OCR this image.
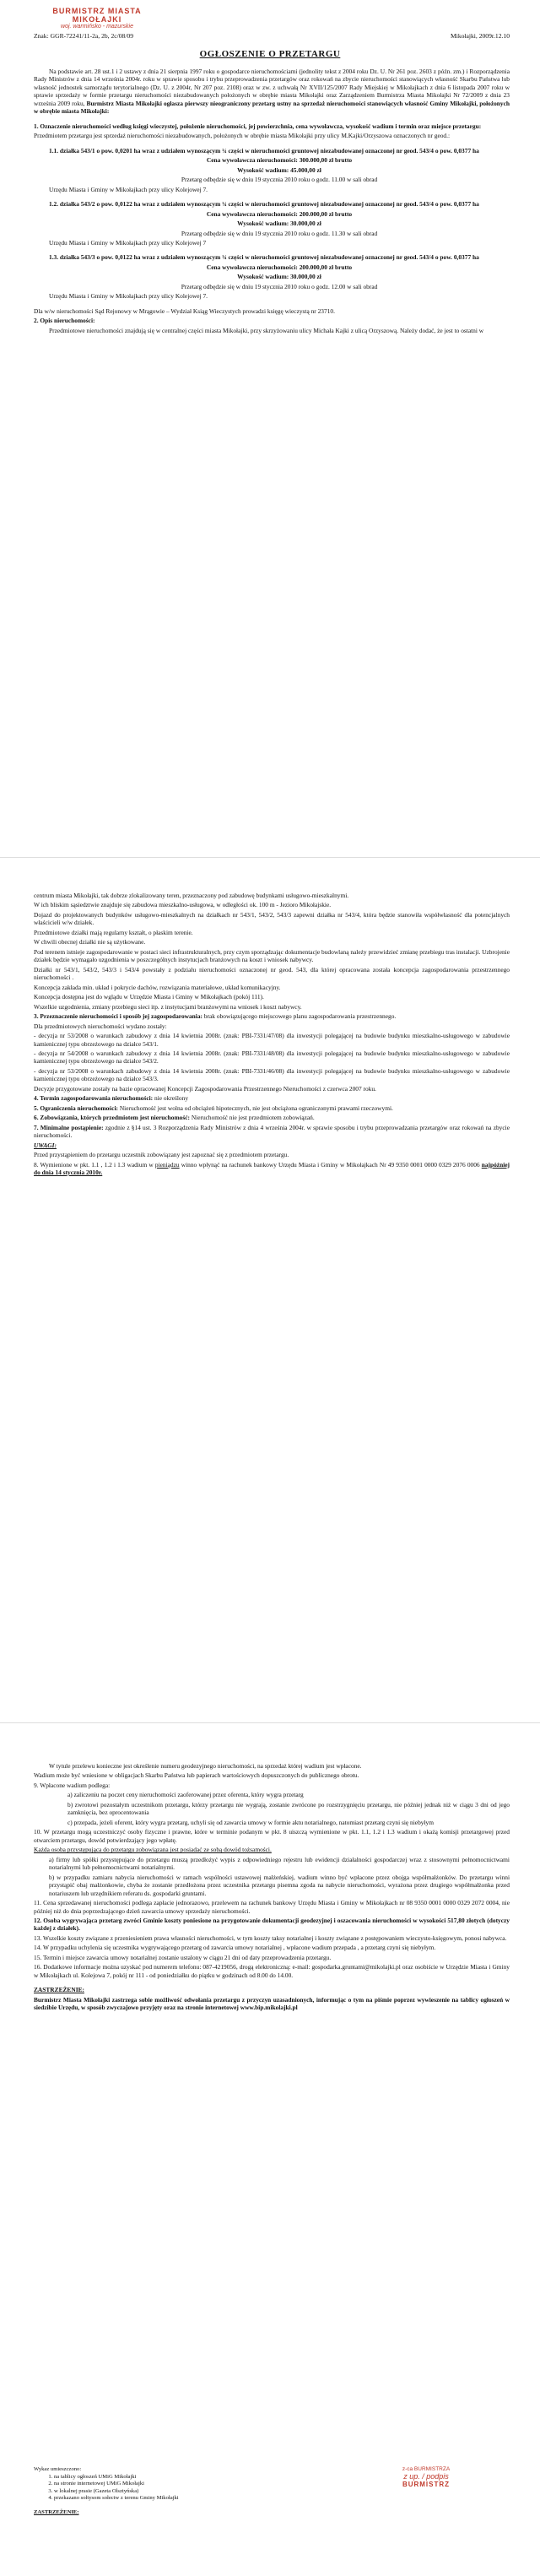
BURMISTRZ MIASTA MIKOŁAJKI
woj. warmińsko - mazurskie
Znak: GGR-72241/11-2a, 2b, 2c/08/09	Mikołajki, 2009r.12.10
OGŁOSZENIE O PRZETARGU

Na podstawie art. 28 ust.1 i 2 ustawy z dnia 21 sierpnia 1997 roku o gospodarce nieruchomościami (jednolity tekst z 2004 roku Dz. U. Nr 261 poz. 2603 z późn. zm.) i Rozporządzenia Rady Ministrów z dnia 14 września 2004r. roku w sprawie sposobu i trybu przeprowadzenia przetargów oraz rokowań na zbycie nieruchomości stanowiących własność Skarbu Państwa lub własność jednostek samorządu terytorialnego (Dz. U. z 2004r, Nr 207 poz. 2108) oraz w zw. z uchwałą Nr XVII/125/2007 Rady Miejskiej w Mikołajkach z dnia 6 listopada 2007 roku w sprawie sprzedaży w formie przetargu nieruchomości niezabudowanych położonych w obrębie miasta Mikołajki oraz Zarządzeniem Burmistrza Miasta Mikołajki Nr 72/2009 z dnia 23 września 2009 roku, Burmistrz Miasta Mikołajki ogłasza pierwszy nieograniczony przetarg ustny na sprzedaż nieruchomości stanowiących własność Gminy Mikołajki, położonych w obrębie miasta Mikołajki:

1. Oznaczenie nieruchomości według księgi wieczystej, położenie nieruchomości, jej powierzchnia, cena wywoławcza, wysokość wadium i termin oraz miejsce przetargu:

Przedmiotem przetargu jest sprzedaż nieruchomości niezabudowanych, położonych w obrębie miasta Mikołajki przy ulicy M.Kajki/Orzyszowa oznaczonych nr geod.:

1.1. działka 543/1 o pow. 0,0201 ha wraz z udziałem wynoszącym ¼ części w nieruchomości gruntowej niezabudowanej oznaczonej nr geod. 543/4 o pow. 0,0377 ha

Cena wywoławcza nieruchomości: 300.000,00 zł brutto

Wysokość wadium: 45.000,00 zł

Przetarg odbędzie się w dniu 19 stycznia 2010 roku o godz. 11.00 w sali obrad

Urzędu Miasta i Gminy w Mikołajkach przy ulicy Kolejowej 7.

1.2. działka 543/2 o pow. 0,0122 ha wraz z udziałem wynoszącym ¼ części w nieruchomości gruntowej niezabudowanej oznaczonej nr geod. 543/4 o pow. 0,0377 ha

Cena wywoławcza nieruchomości: 200.000,00 zł brutto

Wysokość wadium: 30.000,00 zł

Przetarg odbędzie się w dniu 19 stycznia 2010 roku o godz. 11.30 w sali obrad

Urzędu Miasta i Gminy w Mikołajkach przy ulicy Kolejowej 7

1.3. działka 543/3 o pow. 0,0122 ha wraz z udziałem wynoszącym ¼ części w nieruchomości gruntowej niezabudowanej oznaczonej nr geod. 543/4 o pow. 0,0377 ha

Cena wywoławcza nieruchomości: 200.000,00 zł brutto

Wysokość wadium: 30.000,00 zł

Przetarg odbędzie się w dniu 19 stycznia 2010 roku o godz. 12.00 w sali obrad

Urzędu Miasta i Gminy w Mikołajkach przy ulicy Kolejowej 7.

Dla w/w nieruchomości Sąd Rejonowy w Mrągowie – Wydział Ksiąg Wieczystych prowadzi księgę wieczystą nr 23710.

2. Opis nieruchomości:

Przedmiotowe nieruchomości znajdują się w centralnej części miasta Mikołajki, przy skrzyżowaniu ulicy Michała Kajki z ulicą Orzyszową. Należy dodać, że jest to ostatni w

centrum miasta Mikołajki, tak dobrze zlokalizowany teren, przeznaczony pod zabudowę budynkami usługowo-mieszkalnymi.

W ich bliskim sąsiedztwie znajduje się zabudowa mieszkalno-usługowa, w odległości ok. 100 m - Jezioro Mikołajskie.

Dojazd do projektowanych budynków usługowo-mieszkalnych na działkach nr 543/1, 543/2, 543/3 zapewni działka nr 543/4, która będzie stanowiła współwłasność dla potencjalnych właścicieli w/w działek.

Przedmiotowe działki mają regularny kształt, o płaskim terenie.

W chwili obecnej działki nie są użytkowane.

Pod terenem istnieje zagospodarowanie w postaci sieci infrastrukturalnych, przy czym sporządzając dokumentacje budowlaną należy przewidzieć zmianę przebiegu tras instalacji. Uzbrojenie działek będzie wymagało uzgodnienia w poszczególnych instytucjach branżowych na koszt i wniosek nabywcy.

Działki nr 543/1, 543/2, 543/3 i 543/4 powstały z podziału nieruchomości oznaczonej nr geod. 543, dla której opracowana została koncepcja zagospodarowania przestrzennego nieruchomości .

Koncepcja zakłada min. układ i pokrycie dachów, rozwiązania materiałowe, układ komunikacyjny.

Koncepcja dostępna jest do wglądu w Urzędzie Miasta i Gminy w Mikołajkach (pokój 111).

Wszelkie uzgodnienia, zmiany przebiegu sieci itp. z instytucjami branżowymi na wniosek i koszt nabywcy.

3. Przeznaczenie nieruchomości i sposób jej zagospodarowania: brak obowiązującego miejscowego planu zagospodarowania przestrzennego.

Dla przedmiotowych nieruchomości wydano zostały:

- decyzja nr 53/2008 o warunkach zabudowy z dnia 14 kwietnia 2008r. (znak: PBI-7331/47/08) dla inwestycji polegającej na budowie budynku mieszkalno-usługowego w zabudowie kamienicznej typu obrzeżowego na działce 543/1.

- decyzja nr 54/2008 o warunkach zabudowy z dnia 14 kwietnia 2008r. (znak: PBI-7331/48/08) dla inwestycji polegającej na budowie budynku mieszkalno-usługowego w zabudowie kamienicznej typu obrzeżowego na działce 543/2.

- decyzja nr 53/2008 o warunkach zabudowy z dnia 14 kwietnia 2008r. (znak: PBI-7331/46/08) dla inwestycji polegającej na budowie budynku mieszkalno-usługowego w zabudowie kamienicznej typu obrzeżowego na działce 543/3.

Decyzje przygotowane zostały na bazie opracowanej Koncepcji Zagospodarowania Przestrzennego Nieruchomości z czerwca 2007 roku.

4. Termin zagospodarowania nieruchomości: nie określony

5. Ograniczenia nieruchomości: Nieruchomość jest wolna od obciążeń hipotecznych, nie jest obciążona ograniczonymi prawami rzeczowymi.

6. Zobowiązania, których przedmiotem jest nieruchomość: Nieruchomość nie jest przedmiotem zobowiązań.

7. Minimalne postąpienie: zgodnie z §14 ust. 3 Rozporządzenia Rady Ministrów z dnia 4 września 2004r. w sprawie sposobu i trybu przeprowadzania przetargów oraz rokowań na zbycie nieruchomości.

UWAGI:

Przed przystąpieniem do przetargu uczestnik zobowiązany jest zapoznać się z przedmiotem przetargu.

8. Wymienione w pkt. 1.1 , 1.2 i 1.3 wadium w pieniądzu winno wpłynąć na rachunek bankowy Urzędu Miasta i Gminy w Mikołajkach Nr 49 9350 0001 0000 0329 2076 0006 najpóźniej do dnia 14 stycznia 2010r.

W tytule przelewu konieczne jest określenie numeru geodezyjnego nieruchomości, na sprzedaż której wadium jest wpłacone.

Wadium może być wniesione w obligacjach Skarbu Państwa lub papierach wartościowych dopuszczonych do publicznego obrotu.

9. Wpłacone wadium podlega:

a) zaliczeniu na poczet ceny nieruchomości zaoferowanej przez oferenta, który wygra przetarg

b) zwrotowi pozostałym uczestnikom przetargu, którzy przetargu nie wygrają, zostanie zwrócone po rozstrzygnięciu przetargu, nie później jednak niż w ciągu 3 dni od jego zamknięcia, bez oprocentowania

c) przepada, jeżeli oferent, który wygra przetarg, uchyli się od zawarcia umowy w formie aktu notarialnego, natomiast przetarg czyni się niebyłym

10. W przetargu mogą uczestniczyć osoby fizyczne i prawne, które w terminie podanym w pkt. 8 uiszczą wymienione w pkt. 1.1, 1.2 i 1.3 wadium i okażą komisji przetargowej przed otwarciem przetargu, dowód potwierdzający jego wpłatę.

Każda osoba przystępująca do przetargu zobowiązana jest posiadać ze sobą dowód tożsamości.

a) firmy lub spółki przystępujące do przetargu muszą przedłożyć wypis z odpowiedniego rejestru lub ewidencji działalności gospodarczej wraz z stosownymi pełnomocnictwami notarialnymi lub pełnomocnictwami notarialnymi.

b) w przypadku zamiaru nabycia nieruchomości w ramach wspólności ustawowej małżeńskiej, wadium winno być wpłacone przez obojga współmałżonków. Do przetargu winni przystąpić obaj małżonkowie, chyba że zostanie przedłożona przez uczestnika przetargu pisemna zgoda na nabycie nieruchomości, wyrażona przez drugiego współmałżonka przed notariuszem lub urzędnikiem referatu ds. gospodarki gruntami.

11. Cena sprzedawanej nieruchomości podlega zapłacie jednorazowo, przelewem na rachunek bankowy Urzędu Miasta i Gminy w Mikołajkach nr 08 9350 0001 0000 0329 2072 0004, nie później niż do dnia poprzedzającego dzień zawarcia umowy sprzedaży nieruchomości.

12. Osoba wygrywająca przetarg zwróci Gminie koszty poniesione na przygotowanie dokumentacji geodezyjnej i oszacowania nieruchomości w wysokości 517,80 złotych (dotyczy każdej z działek).

13. Wszelkie koszty związane z przeniesieniem prawa własności nieruchomości, w tym koszty taksy notarialnej i koszty związane z postępowaniem wieczysto-księgowym, ponosi nabywca.

14. W przypadku uchylenia się uczestnika wygrywającego przetarg od zawarcia umowy notarialnej , wpłacone wadium przepada , a przetarg czyni się niebyłym.

15. Termin i miejsce zawarcia umowy notarialnej zostanie ustalony w ciągu 21 dni od daty przeprowadzenia przetargu.

16. Dodatkowe informacje można uzyskać pod numerem telefonu: 087-4219056, drogą elektroniczną: e-mail: gospodarka.gruntami@mikolajki.pl oraz osobiście w Urzędzie Miasta i Gminy w Mikołajkach ul. Kolejowa 7, pokój nr 111 - od poniedziałku do piątku w godzinach od 8.00 do 14.00.

ZASTRZEŻENIE:

Burmistrz Miasta Mikołajki zastrzega sobie możliwość odwołania przetargu z przyczyn uzasadnionych, informując o tym na piśmie poprzez wywieszenie na tablicy ogłoszeń w siedzibie Urzędu, w sposób zwyczajowo przyjęty oraz na stronie internetowej www.bip.mikolajki.pl

Wykaz umieszczono:
1. na tablicy ogłoszeń UMiG Mikołajki
2. na stronie internetowej UMiG Mikołajki
3. w lokalnej prasie (Gazeta Olsztyńska)
4. przekazano sołtysom sołectw z terenu Gminy Mikołajki
ZASTRZEŻENIE:
z-ca BURMISTRZA
z up. / podpis
BURMISTRZ
